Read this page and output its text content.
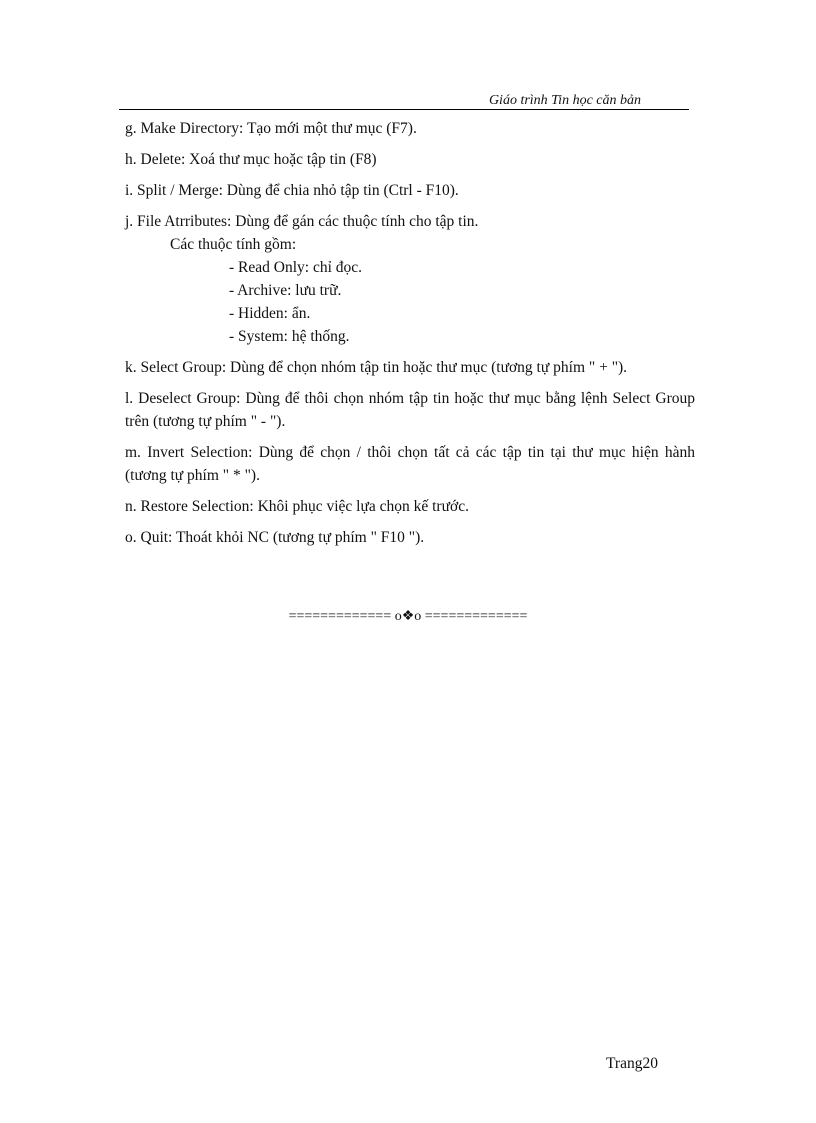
Giáo trình Tin học căn bản

g. Make Directory: Tạo mới một thư mục (F7).

h. Delete: Xoá thư mục hoặc tập tin (F8)

i. Split / Merge: Dùng để chia nhỏ tập tin (Ctrl - F10).

j. File Atrributes: Dùng để gán các thuộc tính cho tập tin.

Các thuộc tính gồm:

- Read Only: chỉ đọc.

- Archive: lưu trữ.

- Hidden: ẩn.

- System: hệ thống.

k. Select Group: Dùng để chọn nhóm tập tin hoặc thư mục (tương tự phím " + ").

l. Deselect Group: Dùng để thôi chọn nhóm tập tin hoặc thư mục bằng lệnh Select Group trên (tương tự phím " - ").

m. Invert Selection: Dùng để chọn / thôi chọn tất cả các tập tin tại thư mục hiện hành (tương tự phím " * ").

n. Restore Selection: Khôi phục việc lựa chọn kế trước.

o. Quit: Thoát khỏi NC (tương tự phím " F10 ").

============= o❖o =============
Trang20
